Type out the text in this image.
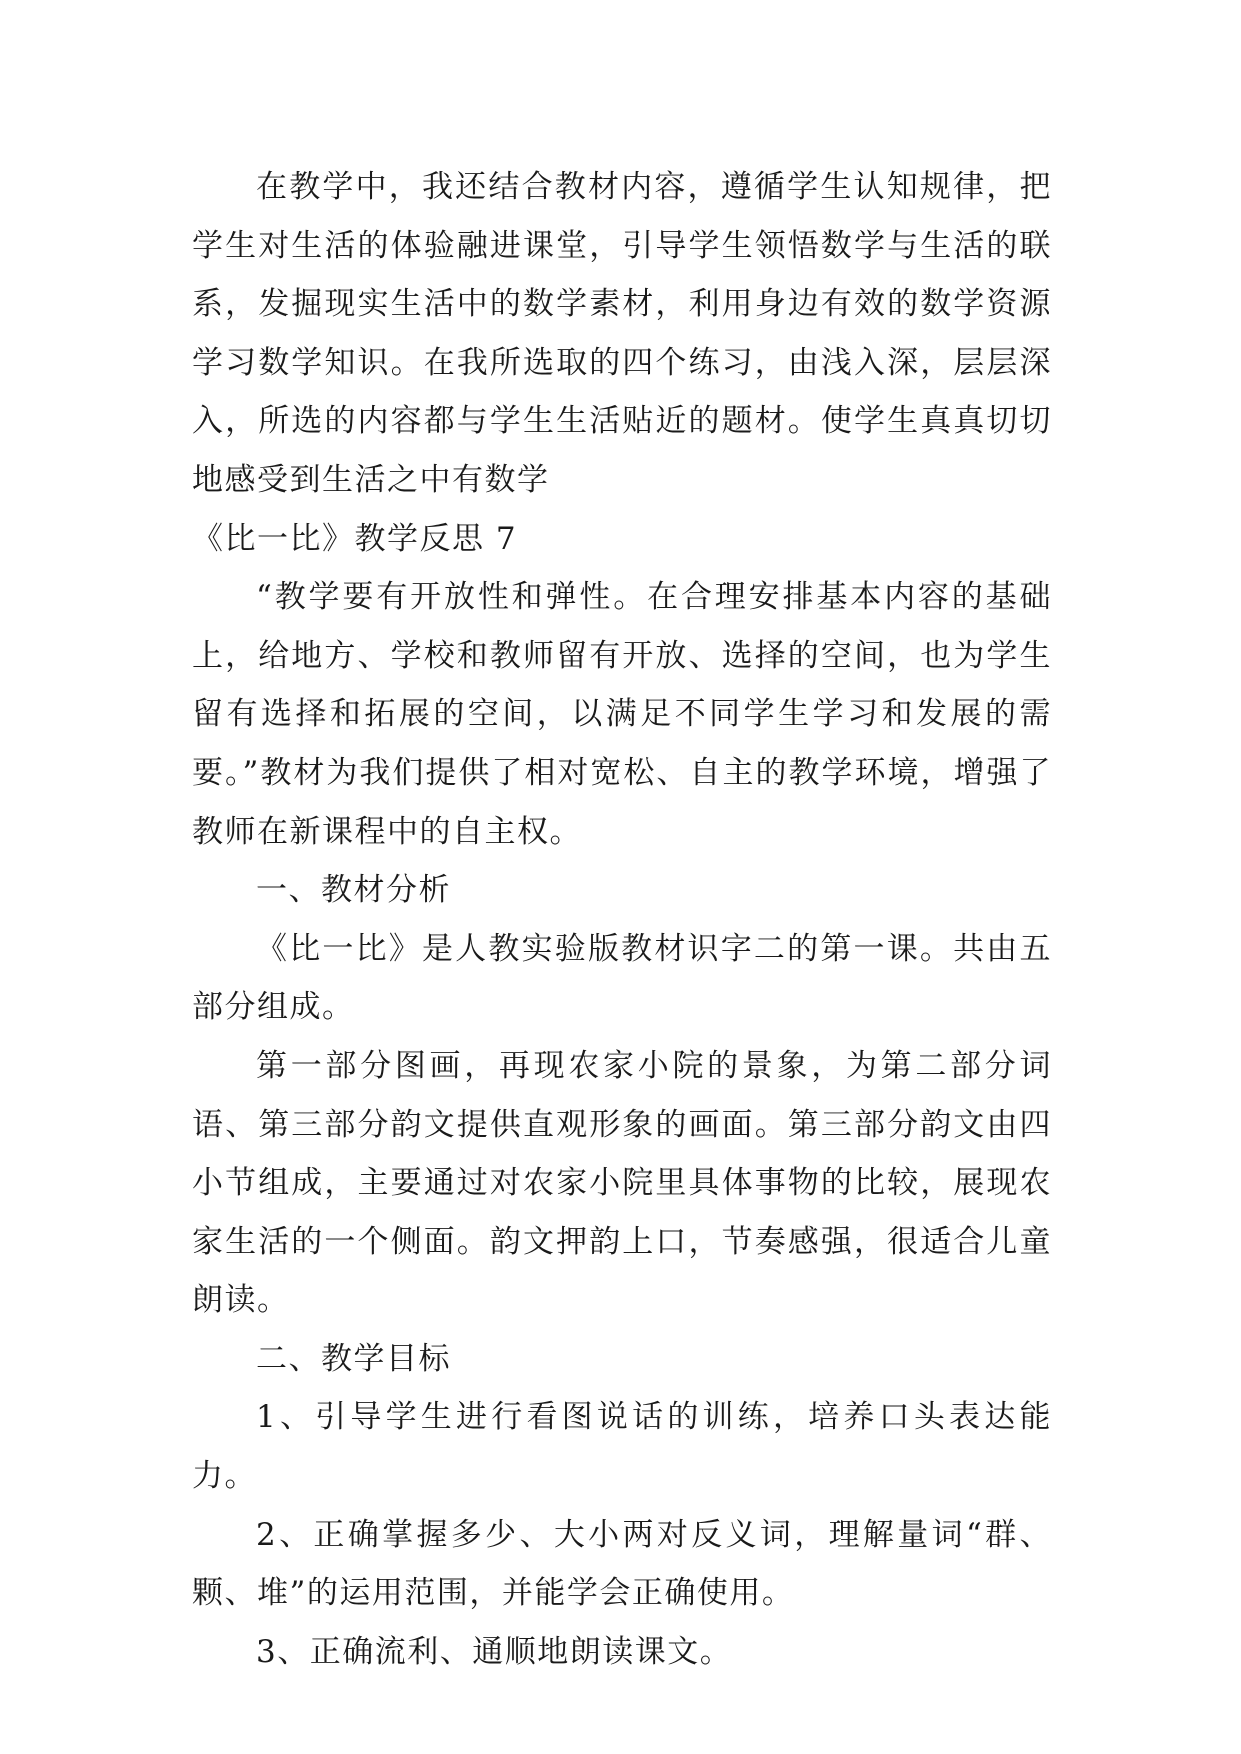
在教学中，我还结合教材内容，遵循学生认知规律，把学生对生活的体验融进课堂，引导学生领悟数学与生活的联系，发掘现实生活中的数学素材，利用身边有效的数学资源学习数学知识。在我所选取的四个练习，由浅入深，层层深入，所选的内容都与学生生活贴近的题材。使学生真真切切地感受到生活之中有数学

《比一比》教学反思 7

“教学要有开放性和弹性。在合理安排基本内容的基础上，给地方、学校和教师留有开放、选择的空间，也为学生留有选择和拓展的空间，以满足不同学生学习和发展的需要。”教材为我们提供了相对宽松、自主的教学环境，增强了教师在新课程中的自主权。

一、教材分析

《比一比》是人教实验版教材识字二的第一课。共由五部分组成。

第一部分图画，再现农家小院的景象，为第二部分词语、第三部分韵文提供直观形象的画面。第三部分韵文由四小节组成，主要通过对农家小院里具体事物的比较，展现农家生活的一个侧面。韵文押韵上口，节奏感强，很适合儿童朗读。

二、教学目标

1、引导学生进行看图说话的训练，培养口头表达能力。

2、正确掌握多少、大小两对反义词，理解量词“群、颗、堆”的运用范围，并能学会正确使用。

3、正确流利、通顺地朗读课文。
